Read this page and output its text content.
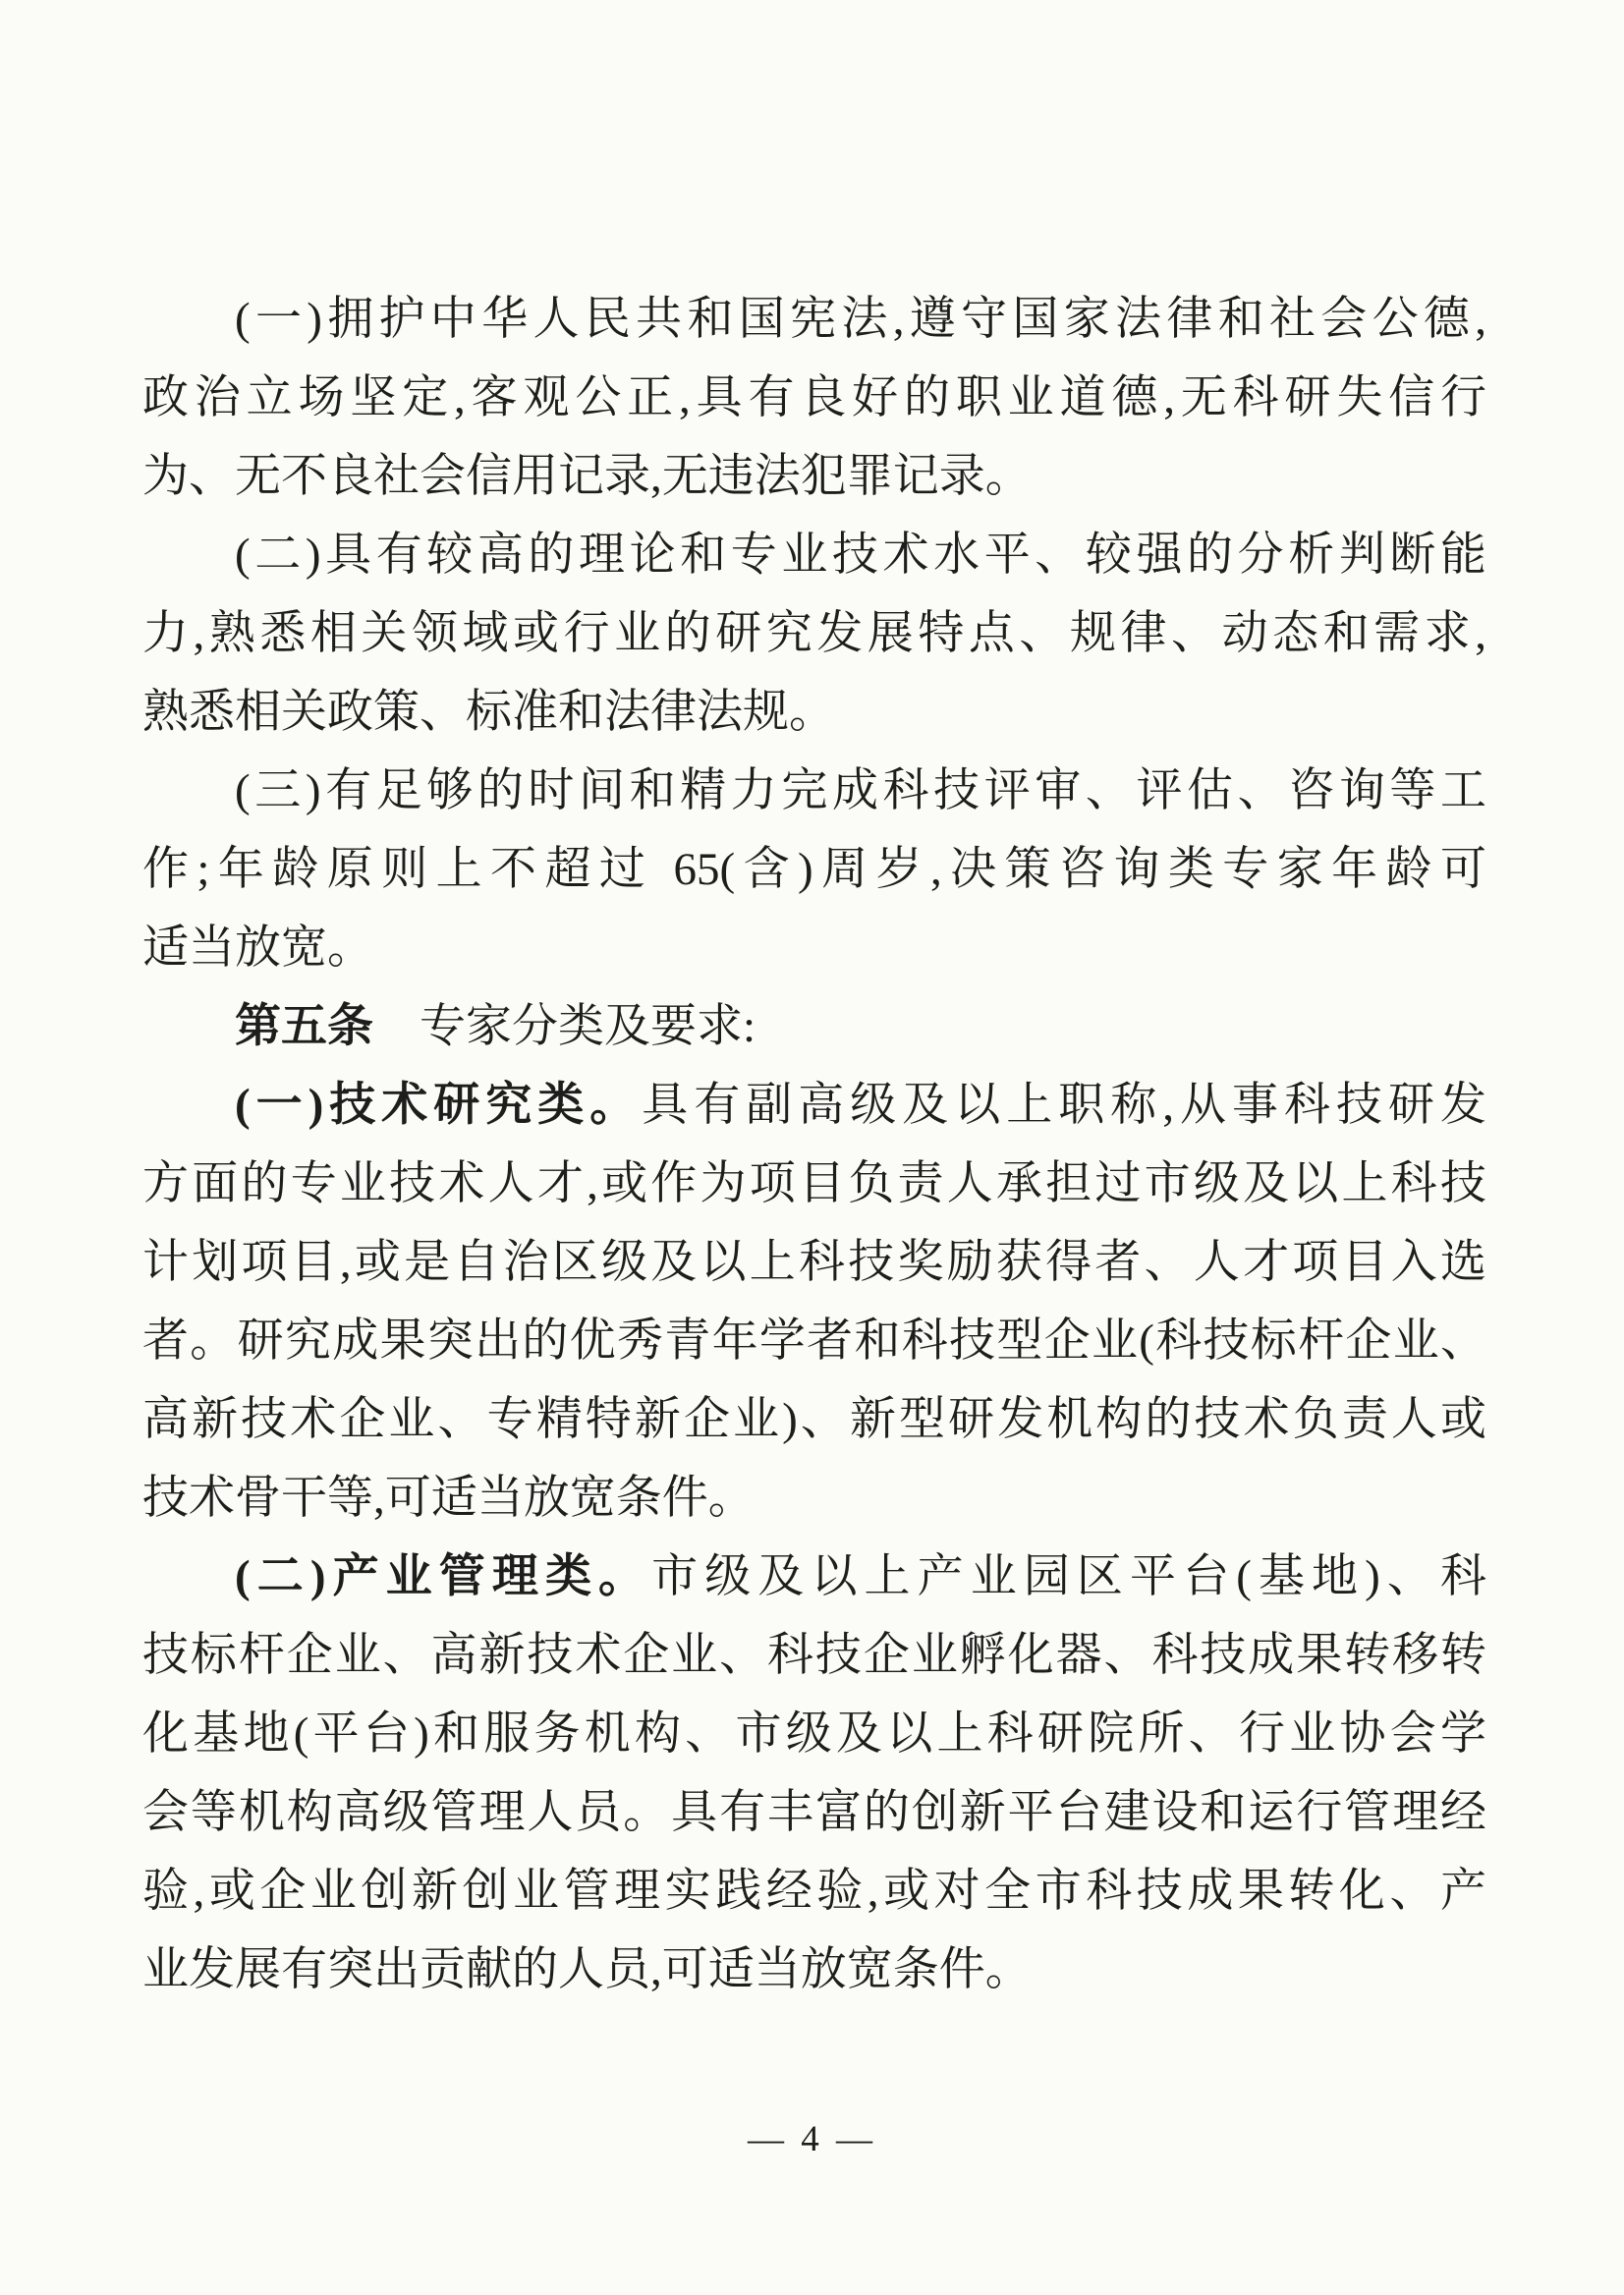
(一)拥护中华人民共和国宪法,遵守国家法律和社会公德,
政治立场坚定,客观公正,具有良好的职业道德,无科研失信行
为、无不良社会信用记录,无违法犯罪记录。
(二)具有较高的理论和专业技术水平、较强的分析判断能
力,熟悉相关领域或行业的研究发展特点、规律、动态和需求,
熟悉相关政策、标准和法律法规。
(三)有足够的时间和精力完成科技评审、评估、咨询等工
作;年龄原则上不超过 65(含)周岁,决策咨询类专家年龄可
适当放宽。
第五条　专家分类及要求:
(一)技术研究类。具有副高级及以上职称,从事科技研发
方面的专业技术人才,或作为项目负责人承担过市级及以上科技
计划项目,或是自治区级及以上科技奖励获得者、人才项目入选
者。研究成果突出的优秀青年学者和科技型企业(科技标杆企业、
高新技术企业、专精特新企业)、新型研发机构的技术负责人或
技术骨干等,可适当放宽条件。
(二)产业管理类。市级及以上产业园区平台(基地)、科
技标杆企业、高新技术企业、科技企业孵化器、科技成果转移转
化基地(平台)和服务机构、市级及以上科研院所、行业协会学
会等机构高级管理人员。具有丰富的创新平台建设和运行管理经
验,或企业创新创业管理实践经验,或对全市科技成果转化、产
业发展有突出贡献的人员,可适当放宽条件。
— 4 —
